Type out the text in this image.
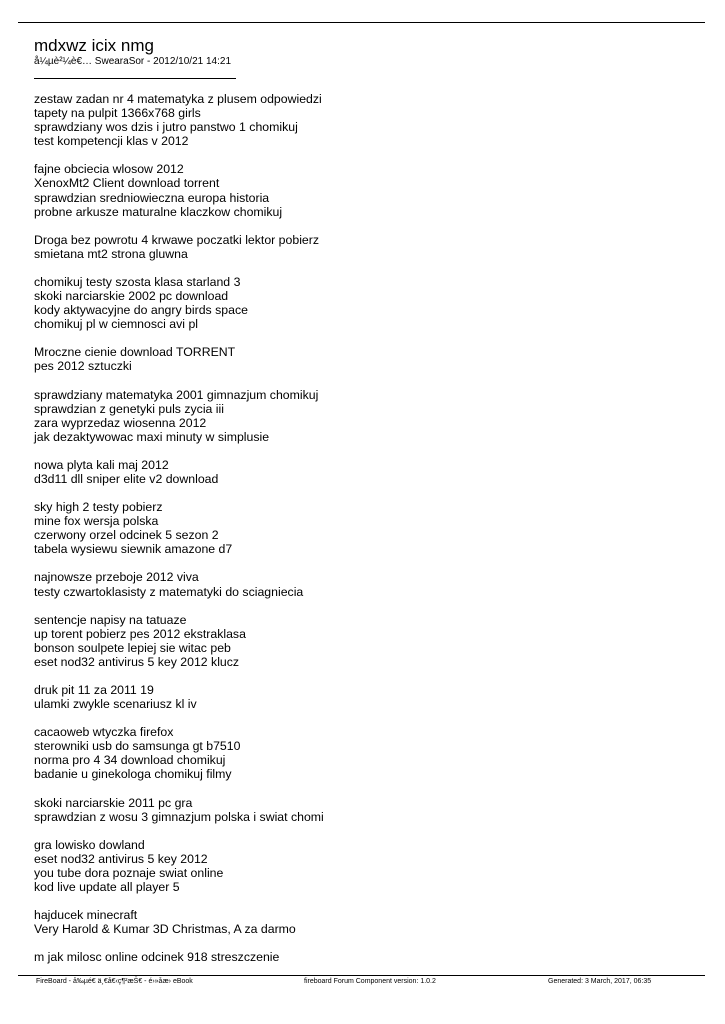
mdxwz icix nmg
å¼µè²¼è€… SwearaSor - 2012/10/21 14:21
zestaw zadan nr 4 matematyka z plusem odpowiedzi
tapety na pulpit 1366x768 girls
sprawdziany wos dzis i jutro panstwo 1 chomikuj
test kompetencji klas v 2012
fajne obciecia wlosow 2012
XenoxMt2 Client download torrent
sprawdzian sredniowieczna europa historia
probne arkusze maturalne klaczkow chomikuj
Droga bez powrotu 4 krwawe poczatki lektor pobierz
smietana mt2 strona gluwna
chomikuj testy szosta klasa starland 3
skoki narciarskie 2002 pc download
kody aktywacyjne do angry birds space
chomikuj pl w ciemnosci avi pl
Mroczne cienie download TORRENT
pes 2012 sztuczki
sprawdziany matematyka 2001 gimnazjum chomikuj
sprawdzian z genetyki puls zycia iii
zara wyprzedaz wiosenna 2012
jak dezaktywowac maxi minuty w simplusie
nowa plyta kali maj 2012
d3d11 dll sniper elite v2 download
sky high 2 testy pobierz
mine fox wersja polska
czerwony orzel odcinek 5 sezon 2
tabela wysiewu siewnik amazone d7
najnowsze przeboje 2012 viva
testy czwartoklasisty z matematyki do sciagniecia
sentencje napisy na tatuaze
up torent pobierz pes 2012 ekstraklasa
bonson soulpete lepiej sie witac peb
eset nod32 antivirus 5 key 2012 klucz
druk pit 11 za 2011 19
ulamki zwykle scenariusz kl iv
cacaoweb wtyczka firefox
sterowniki usb do samsunga gt b7510
norma pro 4 34 download chomikuj
badanie u ginekologa chomikuj filmy
skoki narciarskie 2011 pc gra
sprawdzian z wosu 3 gimnazjum polska i swiat chomi
gra lowisko dowland
eset nod32 antivirus 5 key 2012
you tube dora poznaje swiat online
kod live update all player 5
hajducek minecraft
Very Harold & Kumar 3D Christmas, A za darmo
m jak milosc online odcinek 918 streszczenie
FireBoard - å‰µé€ ä¸€å€‹ç¶²æŠ€ - é›»åæ› eBook	fireboard Forum Component version: 1.0.2	Generated: 3 March, 2017, 06:35
